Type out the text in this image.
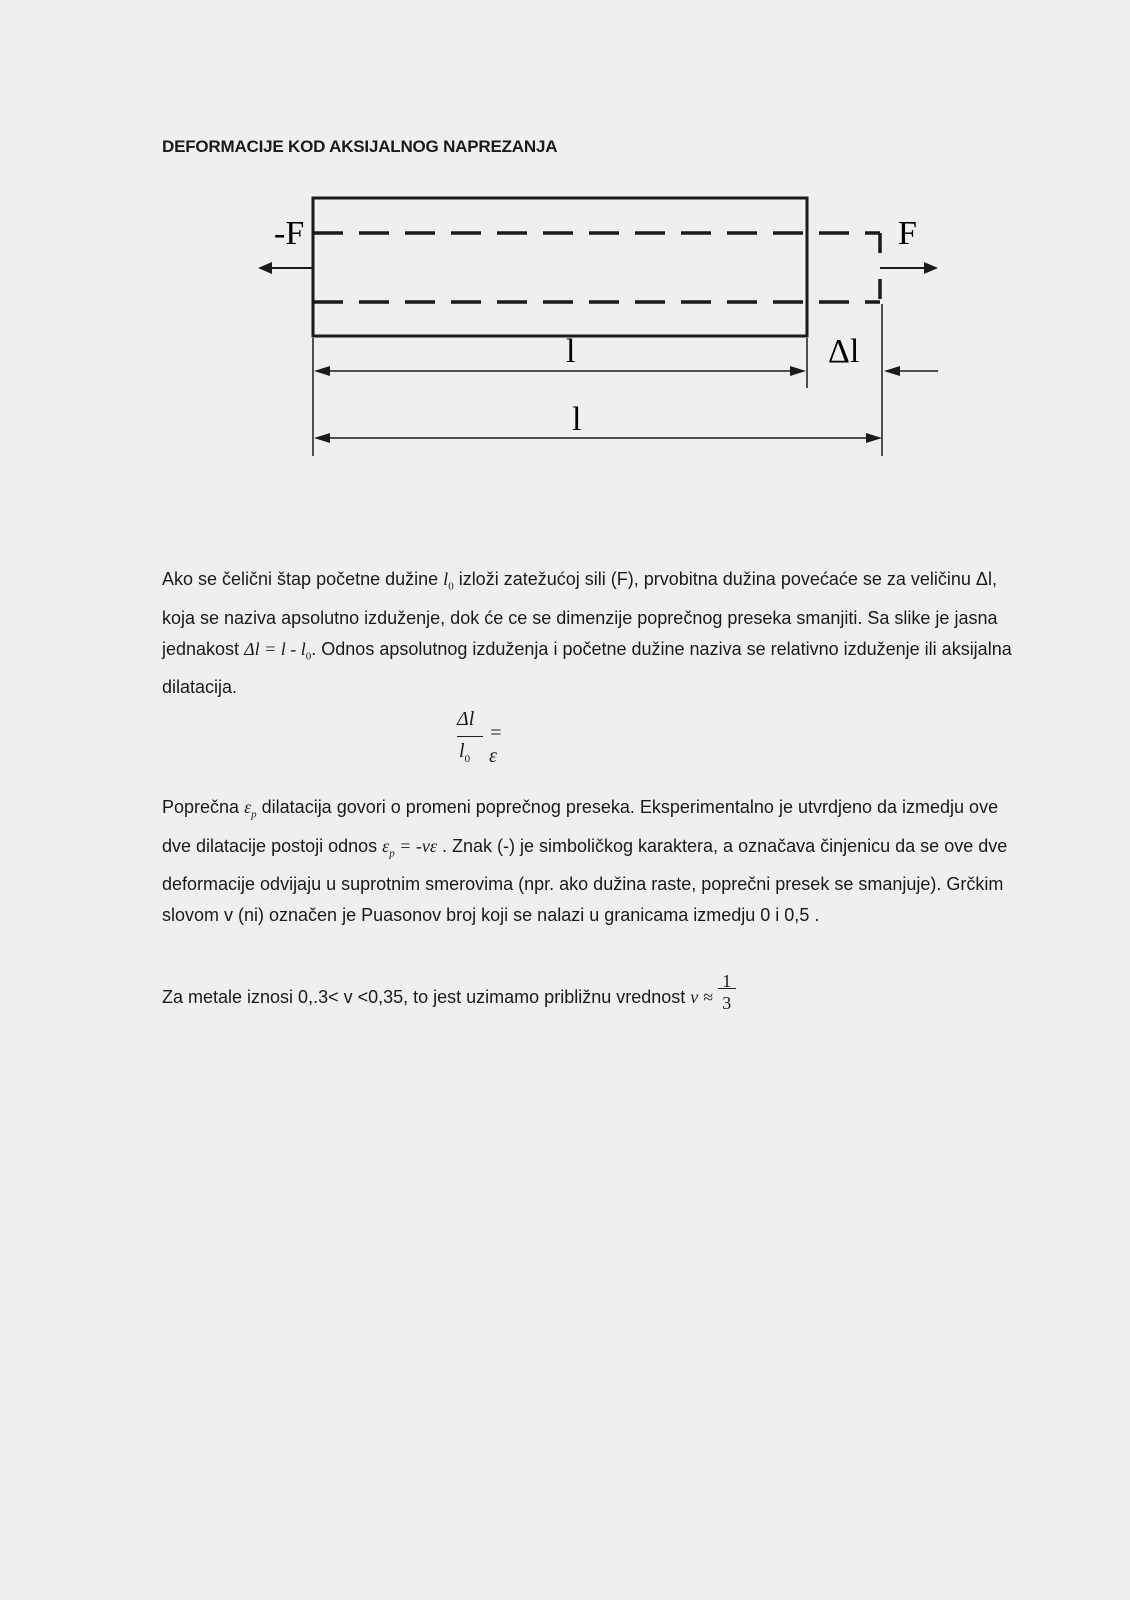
DEFORMACIJE KOD AKSIJALNOG NAPREZANJA
-F	F
l	Δl
l
Ako se čelični štap početne dužine $l_0$ izloži zatežućoj sili (F), prvobitna dužina povećaće se za veličinu Δl, koja se naziva apsolutno izduženje, dok će ce se dimenzije poprečnog preseka smanjiti. Sa slike je jasna jednakost $\Delta l = l - l_0$. Odnos apsolutnog izduženja i početne dužine naziva se relativno izduženje ili aksijalna dilatacija.
Δl
$l_0$
= ε
Poprečna $\varepsilon_p$ dilatacija govori o promeni poprečnog preseka. Eksperimentalno je utvrdjeno da izmedju ove dve dilatacije postoji odnos $\varepsilon_p = -\nu\varepsilon$ . Znak (-) je simboličkog karaktera, a označava činjenicu da se ove dve deformacije odvijaju u suprotnim smerovima (npr. ako dužina raste, poprečni presek se smanjuje). Grčkim slovom v (ni) označen je Puasonov broj koji se nalazi u granicama izmedju 0 i 0,5 .
Za metale iznosi 0,.3< v <0,35, to jest uzimamo približnu vrednost ν ≈
1
3
